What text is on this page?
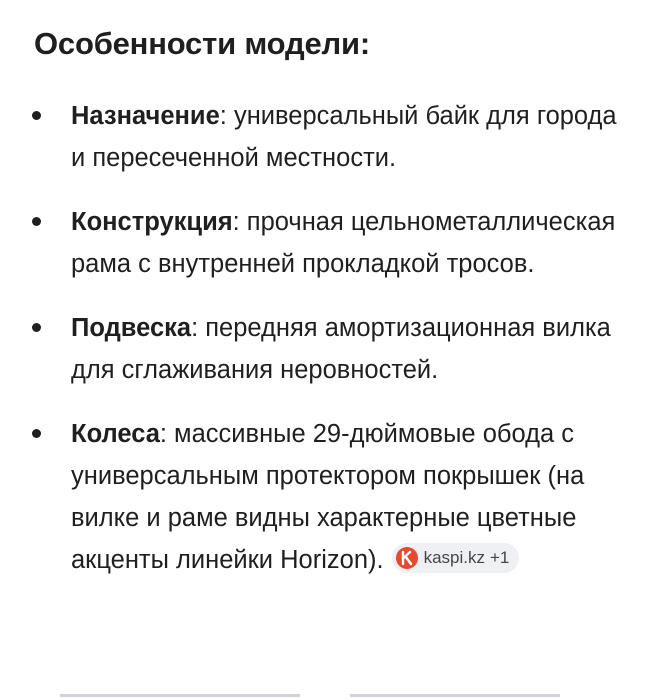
Особенности модели:
Назначение: универсальный байк для города и пересеченной местности.
Конструкция: прочная цельнометаллическая рама с внутренней прокладкой тросов.
Подвеска: передняя амортизационная вилка для сглаживания неровностей.
Колеса: массивные 29-дюймовые обода с универсальным протектором покрышек (на вилке и раме видны характерные цветные акценты линейки Horizon). kaspi.kz +1
